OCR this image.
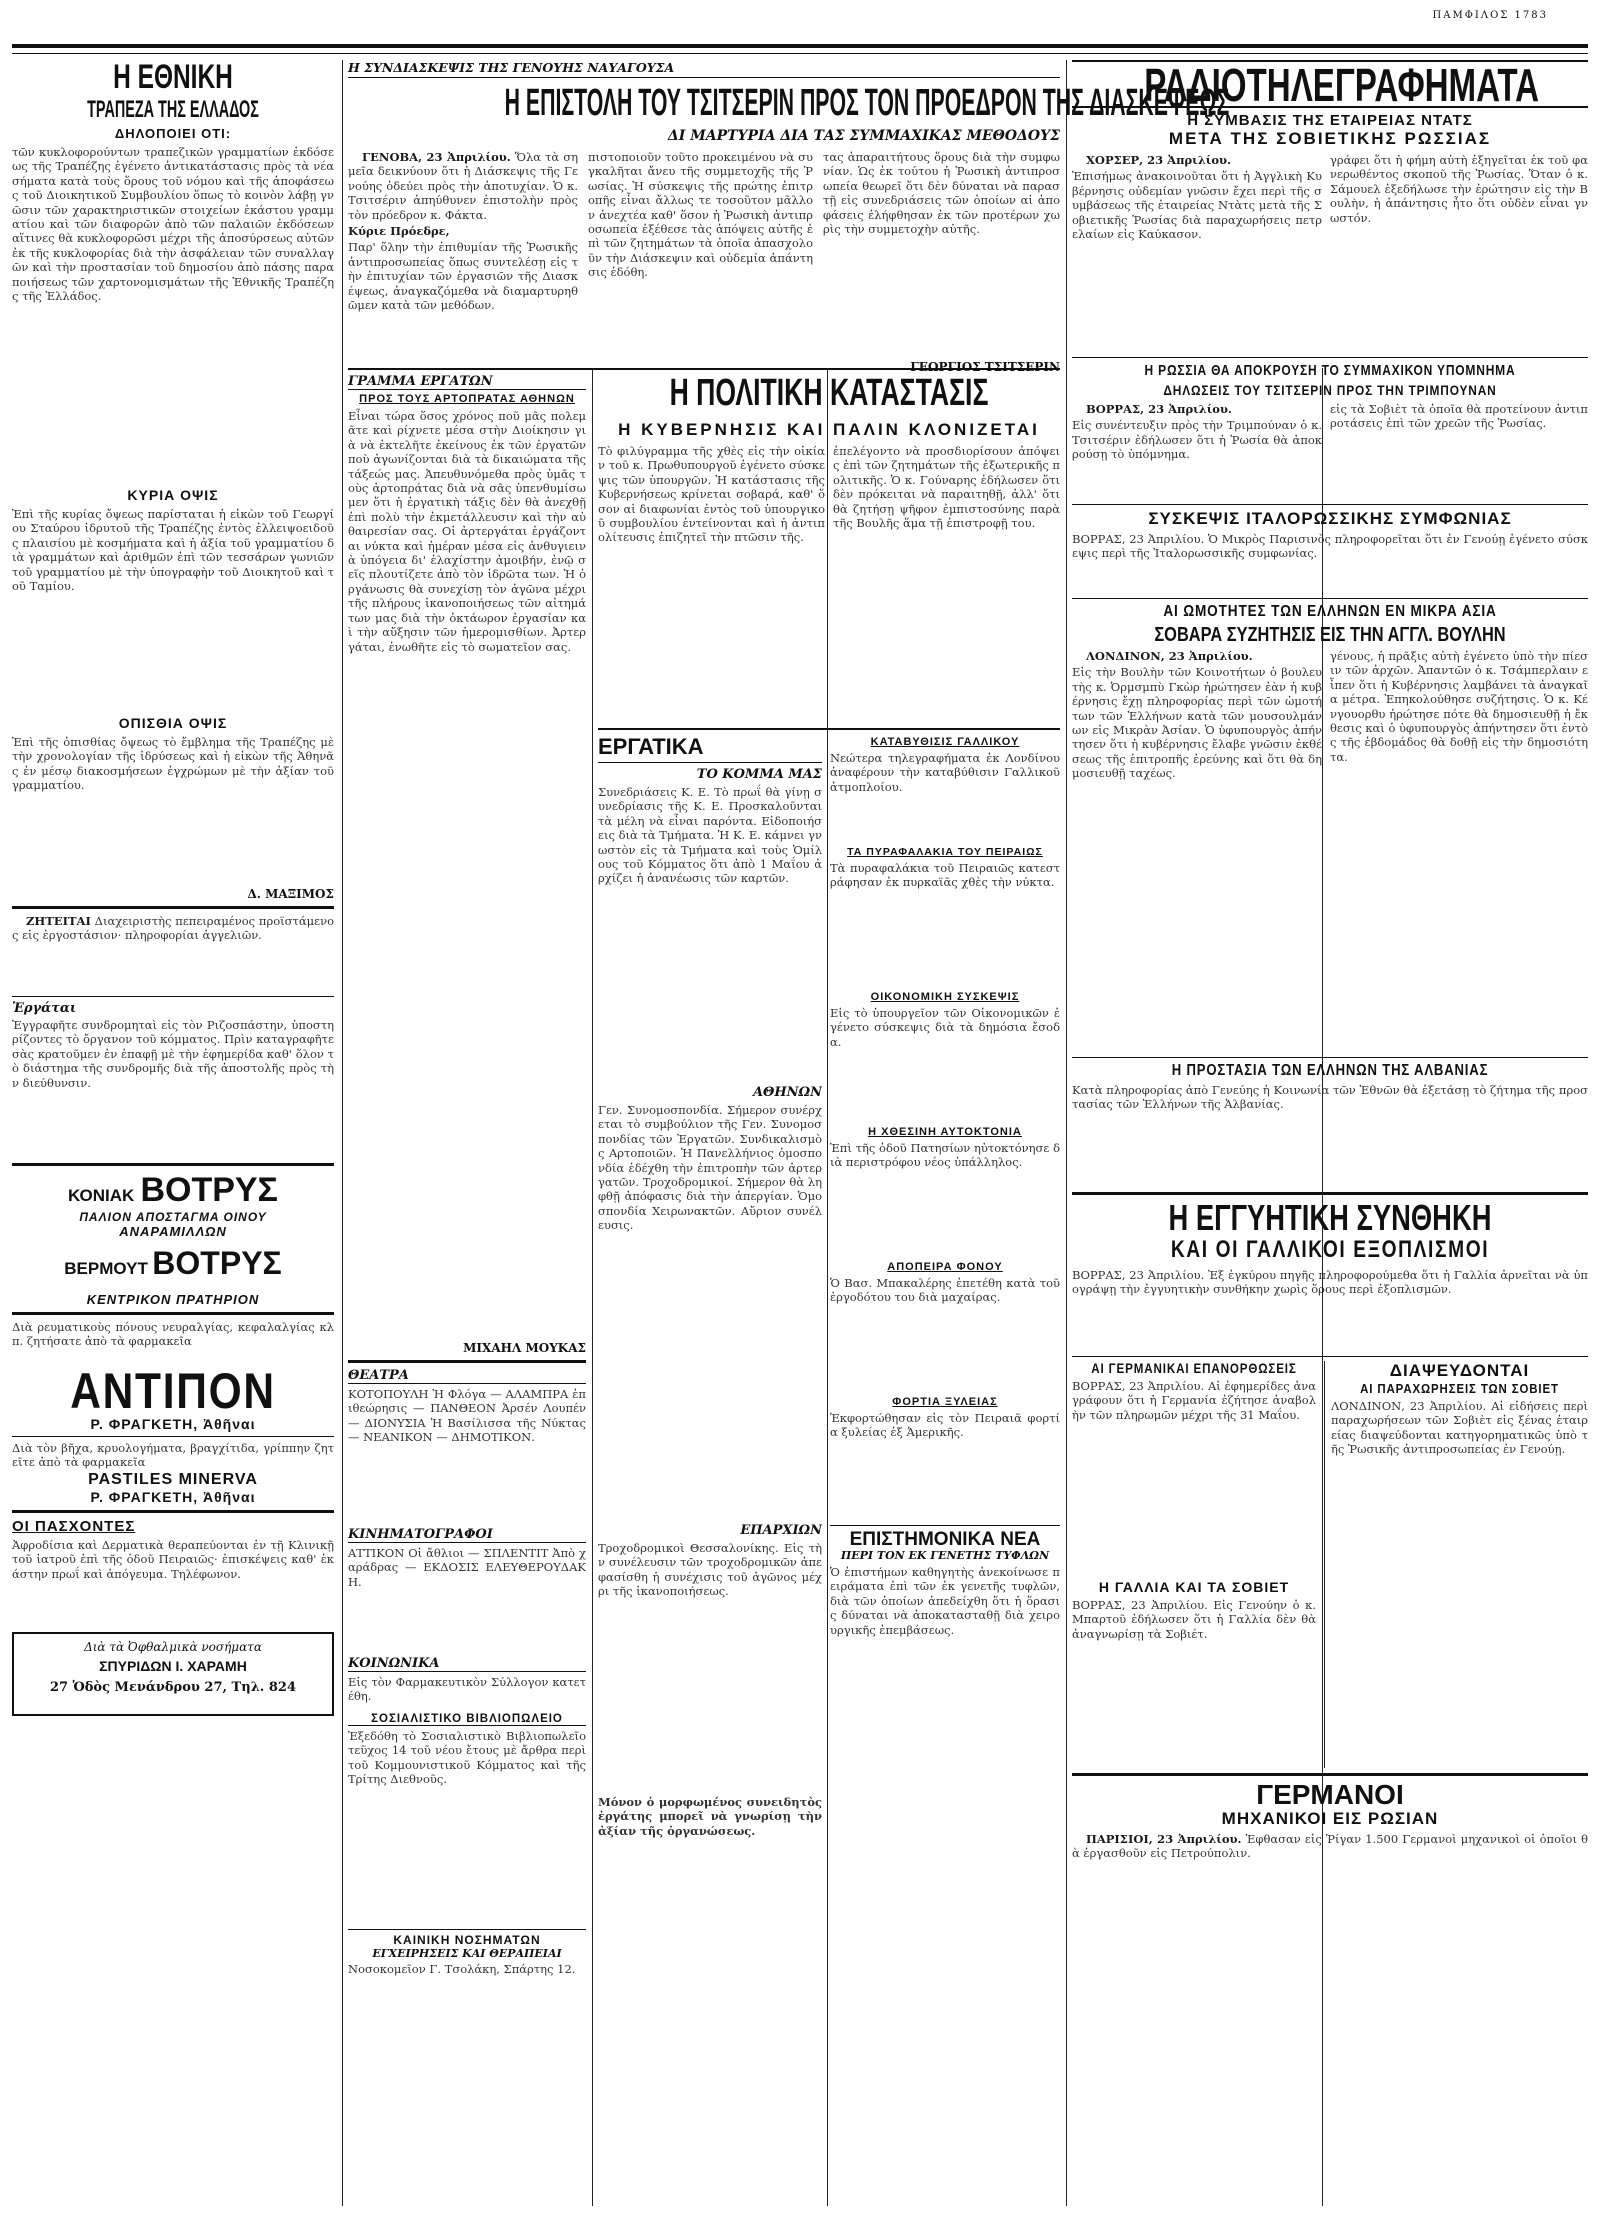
ΠΑΜΦΙΛΟΣ 1783
Η ΕΘΝΙΚΗ
ΤΡΑΠΕΖΑ ΤΗΣ ΕΛΛΑΔΟΣ
ΔΗΛΟΠΟΙΕΙ ΟΤΙ:
τῶν κυκλοφορούντων τραπεζικῶν γραμματίων ἐκδόσεως τῆς Τραπέζης ἐγένετο ἀντικατάστασις πρὸς τὰ νέα σήματα κατὰ τοὺς ὅρους τοῦ νόμου καὶ τῆς ἀποφάσεως τοῦ Διοικητικοῦ Συμβουλίου ὅπως τὸ κοινὸν λάβῃ γνῶσιν τῶν χαρακτηριστικῶν στοιχείων ἑκάστου γραμματίου καὶ τῶν διαφορῶν ἀπὸ τῶν παλαιῶν ἐκδόσεων αἵτινες θὰ κυκλοφορῶσι μέχρι τῆς ἀποσύρσεως αὐτῶν ἐκ τῆς κυκλοφορίας διὰ τὴν ἀσφάλειαν τῶν συναλλαγῶν καὶ τὴν προστασίαν τοῦ δημοσίου ἀπὸ πάσης παραποιήσεως τῶν χαρτονομισμάτων τῆς Ἐθνικῆς Τραπέζης τῆς Ἑλλάδος.
ΚΥΡΙΑ ΟΨΙΣ
Ἐπὶ τῆς κυρίας ὄψεως παρίσταται ἡ εἰκὼν τοῦ Γεωργίου Σταύρου ἱδρυτοῦ τῆς Τραπέζης ἐντὸς ἐλλειψοειδοῦς πλαισίου μὲ κοσμήματα καὶ ἡ ἀξία τοῦ γραμματίου διὰ γραμμάτων καὶ ἀριθμῶν ἐπὶ τῶν τεσσάρων γωνιῶν τοῦ γραμματίου μὲ τὴν ὑπογραφὴν τοῦ Διοικητοῦ καὶ τοῦ Ταμίου.
ΟΠΙΣΘΙΑ ΟΨΙΣ
Ἐπὶ τῆς ὀπισθίας ὄψεως τὸ ἔμβλημα τῆς Τραπέζης μὲ τὴν χρονολογίαν τῆς ἱδρύσεως καὶ ἡ εἰκὼν τῆς Ἀθηνᾶς ἐν μέσῳ διακοσμήσεων ἐγχρώμων μὲ τὴν ἀξίαν τοῦ γραμματίου.
Δ. ΜΑΞΙΜΟΣ

ΖΗΤΕΙΤΑΙ Διαχειριστὴς πεπειραμένος προϊστάμενος εἰς ἐργοστάσιον· πληροφορίαι ἀγγελιῶν.

Ἐργάται
Ἐγγραφῆτε συνδρομηταὶ εἰς τὸν Ριζοσπάστην, ὑποστηρίζοντες τὸ ὄργανον τοῦ κόμματος. Πρὶν καταγραφῆτε σὰς κρατοῦμεν ἐν ἐπαφῇ μὲ τὴν ἐφημερίδα καθ' ὅλον τὸ διάστημα τῆς συνδρομῆς διὰ τῆς ἀποστολῆς πρὸς τὴν διεύθυνσιν.
ΚΟΝΙΑΚ ΒΟΤΡΥΣ
ΠΑΛΙΟΝ ΑΠΟΣΤΑΓΜΑ ΟΙΝΟΥ
ΑΝΑΡΑΜΙΛΛΩΝ
ΒΕΡΜΟΥΤ ΒΟΤΡΥΣ
ΚΕΝΤΡΙΚΟΝ ΠΡΑΤΗΡΙΟΝ
Διὰ ρευματικοὺς πόνους νευραλγίας, κεφαλαλγίας κλπ. ζητήσατε ἀπὸ τὰ φαρμακεῖα
ΑΝΤΙΠΟΝ
Ρ. ΦΡΑΓΚΕΤΗ, Ἀθῆναι
Διὰ τὸν βῆχα, κρυολογήματα, βραγχίτιδα, γρίππην ζητεῖτε ἀπὸ τὰ φαρμακεῖα
PASTILES MINERVA
Ρ. ΦΡΑΓΚΕΤΗ, Ἀθῆναι
ΟΙ ΠΑΣΧΟΝΤΕΣ
Ἀφροδίσια καὶ Δερματικὰ θεραπεύονται ἐν τῇ Κλινικῇ τοῦ ἰατροῦ ἐπὶ τῆς ὁδοῦ Πειραιῶς· ἐπισκέψεις καθ' ἑκάστην πρωΐ καὶ ἀπόγευμα. Τηλέφωνον.
Διὰ τὰ Ὀφθαλμικὰ νοσήματα
ΣΠΥΡΙΔΩΝ Ι. ΧΑΡΑΜΗ
27 Ὁδὸς Μενάνδρου 27, Τηλ. 824
Η ΣΥΝΔΙΑΣΚΕΨΙΣ ΤΗΣ ΓΕΝΟΥΗΣ ΝΑΥΑΓΟΥΣΑ
Η ΕΠΙΣΤΟΛΗ ΤΟΥ ΤΣΙΤΣΕΡΙΝ ΠΡΟΣ ΤΟΝ ΠΡΟΕΔΡΟΝ ΤΗΣ ΔΙΑΣΚΕΨΕΩΣ
ΔΙ ΜΑΡΤΥΡΙΑ ΔΙΑ ΤΑΣ ΣΥΜΜΑΧΙΚΑΣ ΜΕΘΟΔΟΥΣ

ΓΕΝΟΒΑ, 23 Ἀπριλίου. Ὅλα τὰ σημεῖα δεικνύουν ὅτι ἡ Διάσκεψις τῆς Γενούης ὁδεύει πρὸς τὴν ἀποτυχίαν. Ὁ κ. Τσιτσέριν ἀπηύθυνεν ἐπιστολὴν πρὸς τὸν πρόεδρον κ. Φάκτα.

Κύριε Πρόεδρε,

Παρ' ὅλην τὴν ἐπιθυμίαν τῆς Ῥωσικῆς ἀντιπροσωπείας ὅπως συντελέσῃ εἰς τὴν ἐπιτυχίαν τῶν ἐργασιῶν τῆς Διασκέψεως, ἀναγκαζόμεθα νὰ διαμαρτυρηθῶμεν κατὰ τῶν μεθόδων.
πιστοποιοῦν τοῦτο προκειμένου νὰ συγκαλῆται ἄνευ τῆς συμμετοχῆς τῆς Ῥωσίας. Ἡ σύσκεψις τῆς πρώτης ἐπιτροπῆς εἶναι ἄλλως τε τοσοῦτον μᾶλλον ἀνεχτέα καθ' ὅσον ἡ Ῥωσικὴ ἀντιπροσωπεία ἐξέθεσε τὰς ἀπόψεις αὐτῆς ἐπὶ τῶν ζητημάτων τὰ ὁποῖα ἀπασχολοῦν τὴν Διάσκεψιν καὶ οὐδεμία ἀπάντησις ἐδόθη.
τας ἀπαραιτήτους ὅρους διὰ τὴν συμφωνίαν. Ὡς ἐκ τούτου ἡ Ῥωσικὴ ἀντιπροσωπεία θεωρεῖ ὅτι δὲν δύναται νὰ παραστῇ εἰς συνεδριάσεις τῶν ὁποίων αἱ ἀποφάσεις ἐλήφθησαν ἐκ τῶν προτέρων χωρὶς τὴν συμμετοχὴν αὐτῆς.
ΓΕΩΡΓΙΟΣ ΤΣΙΤΣΕΡΙΝ
ΓΡΑΜΜΑ ΕΡΓΑΤΩΝ
ΠΡΟΣ ΤΟΥΣ ΑΡΤΟΠΡΑΤΑΣ ΑΘΗΝΩΝ
Εἶναι τώρα ὅσος χρόνος ποῦ μᾶς πολεμᾶτε καὶ ρίχνετε μέσα στὴν Διοίκησιν γιὰ νὰ ἐκτελῆτε ἐκείνους ἐκ τῶν ἐργατῶν ποὺ ἀγωνίζονται διὰ τὰ δικαιώματα τῆς τάξεώς μας. Ἀπευθυνόμεθα πρὸς ὑμᾶς τοὺς ἀρτοπράτας διὰ νὰ σᾶς ὑπενθυμίσωμεν ὅτι ἡ ἐργατικὴ τάξις δὲν θὰ ἀνεχθῇ ἐπὶ πολὺ τὴν ἐκμετάλλευσιν καὶ τὴν αὐθαιρεσίαν σας. Οἱ ἀρτεργάται ἐργάζονται νύκτα καὶ ἡμέραν μέσα εἰς ἀνθυγιεινὰ ὑπόγεια δι' ἐλαχίστην ἀμοιβήν, ἐνῷ σεῖς πλουτίζετε ἀπὸ τὸν ἱδρῶτα των. Ἡ ὀργάνωσις θὰ συνεχίσῃ τὸν ἀγῶνα μέχρι τῆς πλήρους ἱκανοποιήσεως τῶν αἰτημάτων μας διὰ τὴν ὀκτάωρον ἐργασίαν καὶ τὴν αὔξησιν τῶν ἡμερομισθίων. Ἀρτεργάται, ἑνωθῆτε εἰς τὸ σωματεῖον σας.
ΜΙΧΑΗΛ ΜΟΥΚΑΣ
ΘΕΑΤΡΑ
ΚΟΤΟΠΟΥΛΗ Ἡ Φλόγα — ΑΛΑΜΠΡΑ ἐπιθεώρησις — ΠΑΝΘΕΟΝ Ἀρσέν Λουπέν — ΔΙΟΝΥΣΙΑ Ἡ Βασίλισσα τῆς Νύκτας — ΝΕΑΝΙΚΟΝ — ΔΗΜΟΤΙΚΟΝ.
ΚΙΝΗΜΑΤΟΓΡΑΦΟΙ
ΑΤΤΙΚΟΝ Οἱ ἄθλιοι — ΣΠΛΕΝΤΙΤ Ἀπὸ χαράδρας — ΕΚΔΟΣΙΣ ΕΛΕΥΘΕΡΟΥΔΑΚΗ.
ΚΟΙΝΩΝΙΚΑ
Εἰς τὸν Φαρμακευτικὸν Σύλλογον κατετέθη.
ΣΟΣΙΑΛΙΣΤΙΚΟ ΒΙΒΛΙΟΠΩΛΕΙΟ
Ἐξεδόθη τὸ Σοσιαλιστικὸ Βιβλιοπωλεῖο τεῦχος 14 τοῦ νέου ἔτους μὲ ἄρθρα περὶ τοῦ Κομμουνιστικοῦ Κόμματος καὶ τῆς Τρίτης Διεθνοῦς.
ΚΑΙΝΙΚΗ ΝΟΣΗΜΑΤΩΝ
ΕΓΧΕΙΡΗΣΕΙΣ ΚΑΙ ΘΕΡΑΠΕΙΑΙ
Νοσοκομεῖον Γ. Τσολάκη, Σπάρτης 12.
Η ΠΟΛΙΤΙΚΗ ΚΑΤΑΣΤΑΣΙΣ
Η ΚΥΒΕΡΝΗΣΙΣ ΚΑΙ ΠΑΛΙΝ ΚΛΟΝΙΖΕΤΑΙ
Τὸ φιλύγραμμα τῆς χθὲς εἰς τὴν οἰκίαν τοῦ κ. Πρωθυπουργοῦ ἐγένετο σύσκεψις τῶν ὑπουργῶν. Ἡ κατάστασις τῆς Κυβερνήσεως κρίνεται σοβαρά, καθ' ὅσον αἱ διαφωνίαι ἐντὸς τοῦ ὑπουργικοῦ συμβουλίου ἐντείνονται καὶ ἡ ἀντιπολίτευσις ἐπιζητεῖ τὴν πτῶσιν τῆς.
ἐπελέγοντο νὰ προσδιορίσουν ἀπόψεις ἐπὶ τῶν ζητημάτων τῆς ἐξωτερικῆς πολιτικῆς. Ὁ κ. Γούναρης ἐδήλωσεν ὅτι δὲν πρόκειται νὰ παραιτηθῇ, ἀλλ' ὅτι θὰ ζητήσῃ ψῆφον ἐμπιστοσύνης παρὰ τῆς Βουλῆς ἅμα τῇ ἐπιστροφῇ του.
ΕΡΓΑΤΙΚΑ
ΤΟ ΚΟΜΜΑ ΜΑΣ
Συνεδριάσεις Κ. Ε. Τὸ πρωΐ θὰ γίνῃ συνεδρίασις τῆς Κ. Ε. Προσκαλοῦνται τὰ μέλη νὰ εἶναι παρόντα. Εἰδοποιήσεις διὰ τὰ Τμήματα. Ἡ Κ. Ε. κάμνει γνωστὸν εἰς τὰ Τμήματα καὶ τοὺς Ὁμίλους τοῦ Κόμματος ὅτι ἀπὸ 1 Μαΐου ἀρχίζει ἡ ἀνανέωσις τῶν καρτῶν.
ΑΘΗΝΩΝ
Γεν. Συνομοσπονδία. Σήμερον συνέρχεται τὸ συμβούλιον τῆς Γεν. Συνομοσπονδίας τῶν Ἐργατῶν. Συνδικαλισμὸς Αρτοποιῶν. Ἡ Πανελλήνιος ὁμοσπονδία ἐδέχθη τὴν ἐπιτροπὴν τῶν ἀρτεργατῶν. Τροχοδρομικοί. Σήμερον θὰ ληφθῇ ἀπόφασις διὰ τὴν ἀπεργίαν. Ὁμοσπονδία Χειρωνακτῶν. Αὔριον συνέλευσις.
ΕΠΑΡΧΙΩΝ
Τροχοδρομικοὶ Θεσσαλονίκης. Εἰς τὴν συνέλευσιν τῶν τροχοδρομικῶν ἀπεφασίσθη ἡ συνέχισις τοῦ ἀγῶνος μέχρι τῆς ἱκανοποιήσεως.
Μόνον ὁ μορφωμένος συνειδητὸς ἐργάτης μπορεῖ νὰ γνωρίσῃ τὴν ἀξίαν τῆς ὀργανώσεως.
ΚΑΤΑΒΥΘΙΣΙΣ ΓΑΛΛΙΚΟΥ
Νεώτερα τηλεγραφήματα ἐκ Λονδίνου ἀναφέρουν τὴν καταβύθισιν Γαλλικοῦ ἀτμοπλοίου.
ΤΑ ΠΥΡΑΦΑΛΑΚΙΑ ΤΟΥ ΠΕΙΡΑΙΩΣ
Τὰ πυραφαλάκια τοῦ Πειραιῶς κατεστράφησαν ἐκ πυρκαϊᾶς χθὲς τὴν νύκτα.
ΟΙΚΟΝΟΜΙΚΗ ΣΥΣΚΕΨΙΣ
Εἰς τὸ ὑπουργεῖον τῶν Οἰκονομικῶν ἐγένετο σύσκεψις διὰ τὰ δημόσια ἔσοδα.
Η ΧΘΕΣΙΝΗ ΑΥΤΟΚΤΟΝΙΑ
Ἐπὶ τῆς ὁδοῦ Πατησίων ηὐτοκτόνησε διὰ περιστρόφου νέος ὑπάλληλος.
ΑΠΟΠΕΙΡΑ ΦΟΝΟΥ
Ὁ Βασ. Μπακαλέρης ἐπετέθη κατὰ τοῦ ἐργοδότου του διὰ μαχαίρας.
ΦΟΡΤΙΑ ΞΥΛΕΙΑΣ
Ἐκφορτώθησαν εἰς τὸν Πειραιᾶ φορτία ξυλείας ἐξ Ἀμερικῆς.
ΕΠΙΣΤΗΜΟΝΙΚΑ ΝΕΑ
ΠΕΡΙ ΤΟΝ ΕΚ ΓΕΝΕΤΗΣ ΤΥΦΛΩΝ
Ὁ ἐπιστήμων καθηγητὴς ἀνεκοίνωσε πειράματα ἐπὶ τῶν ἐκ γενετῆς τυφλῶν, διὰ τῶν ὁποίων ἀπεδείχθη ὅτι ἡ ὅρασις δύναται νὰ ἀποκατασταθῇ διὰ χειρουργικῆς ἐπεμβάσεως.
ΡΑΔΙΟΤΗΛΕΓΡΑΦΗΜΑΤΑ
Η ΣΥΜΒΑΣΙΣ ΤΗΣ ΕΤΑΙΡΕΙΑΣ ΝΤΑΤΣ
ΜΕΤΑ ΤΗΣ ΣΟΒΙΕΤΙΚΗΣ ΡΩΣΣΙΑΣ

ΧΟΡΣΕΡ, 23 Ἀπριλίου.

Ἐπισήμως ἀνακοινοῦται ὅτι ἡ Ἀγγλικὴ Κυβέρνησις οὐδεμίαν γνῶσιν ἔχει περὶ τῆς συμβάσεως τῆς ἑταιρείας Ντὰτς μετὰ τῆς Σοβιετικῆς Ῥωσίας διὰ παραχωρήσεις πετρελαίων εἰς Καύκασον.
γράφει ὅτι ἡ φήμη αὐτὴ ἐξηγεῖται ἐκ τοῦ φανερωθέντος σκοποῦ τῆς Ῥωσίας. Ὅταν ὁ κ. Σάμουελ ἐξεδήλωσε τὴν ἐρώτησιν εἰς τὴν Βουλὴν, ἡ ἀπάντησις ἦτο ὅτι οὐδὲν εἶναι γνωστόν.
Η ΡΩΣΣΙΑ ΘΑ ΑΠΟΚΡΟΥΣΗ ΤΟ ΣΥΜΜΑΧΙΚΟΝ ΥΠΟΜΝΗΜΑ
ΔΗΛΩΣΕΙΣ ΤΟΥ ΤΣΙΤΣΕΡΙΝ ΠΡΟΣ ΤΗΝ ΤΡΙΜΠΟΥΝΑΝ

ΒΟΡΡΑΣ, 23 Ἀπριλίου.

Εἰς συνέντευξιν πρὸς τὴν Τριμπούναν ὁ κ. Τσιτσέριν ἐδήλωσεν ὅτι ἡ Ῥωσία θὰ ἀποκρούσῃ τὸ ὑπόμνημα.
εἰς τὰ Σοβιὲτ τὰ ὁποῖα θὰ προτείνουν ἀντιπροτάσεις ἐπὶ τῶν χρεῶν τῆς Ῥωσίας.
ΣΥΣΚΕΨΙΣ ΙΤΑΛΟΡΩΣΣΙΚΗΣ ΣΥΜΦΩΝΙΑΣ
ΒΟΡΡΑΣ, 23 Ἀπριλίου. Ὁ Μικρὸς Παρισινὸς πληροφορεῖται ὅτι ἐν Γενούῃ ἐγένετο σύσκεψις περὶ τῆς Ἰταλορωσσικῆς συμφωνίας.
ΑΙ ΩΜΟΤΗΤΕΣ ΤΩΝ ΕΛΛΗΝΩΝ ΕΝ ΜΙΚΡΑ ΑΣΙΑ
ΣΟΒΑΡΑ ΣΥΖΗΤΗΣΙΣ ΕΙΣ ΤΗΝ ΑΓΓΛ. ΒΟΥΛΗΝ

ΛΟΝΔΙΝΟΝ, 23 Ἀπριλίου.

Εἰς τὴν Βουλὴν τῶν Κοινοτήτων ὁ βουλευτὴς κ. Ὀρμσμπὺ Γκὼρ ἠρώτησεν ἐὰν ἡ κυβέρνησις ἔχῃ πληροφορίας περὶ τῶν ὠμοτήτων τῶν Ἑλλήνων κατὰ τῶν μουσουλμάνων εἰς Μικρὰν Ἀσίαν. Ὁ ὑφυπουργὸς ἀπήντησεν ὅτι ἡ κυβέρνησις ἔλαβε γνῶσιν ἐκθέσεως τῆς ἐπιτροπῆς ἐρεύνης καὶ ὅτι θὰ δημοσιευθῇ ταχέως.
γένους, ἡ πρᾶξις αὐτὴ ἐγένετο ὑπὸ τὴν πίεσιν τῶν ἀρχῶν. Ἀπαντῶν ὁ κ. Τσάμπερλαιν εἶπεν ὅτι ἡ Κυβέρνησις λαμβάνει τὰ ἀναγκαῖα μέτρα. Ἐπηκολούθησε συζήτησις. Ὁ κ. Κένγουορθυ ἠρώτησε πότε θὰ δημοσιευθῇ ἡ ἔκθεσις καὶ ὁ ὑφυπουργὸς ἀπήντησεν ὅτι ἐντὸς τῆς ἑβδομάδος θὰ δοθῇ εἰς τὴν δημοσιότητα.
Η ΠΡΟΣΤΑΣΙΑ ΤΩΝ ΕΛΛΗΝΩΝ ΤΗΣ ΑΛΒΑΝΙΑΣ
Κατὰ πληροφορίας ἀπὸ Γενεύης ἡ Κοινωνία τῶν Ἐθνῶν θὰ ἐξετάσῃ τὸ ζήτημα τῆς προστασίας τῶν Ἑλλήνων τῆς Ἀλβανίας.
Η ΕΓΓΥΗΤΙΚΗ ΣΥΝΘΗΚΗ
ΚΑΙ ΟΙ ΓΑΛΛΙΚΟΙ ΕΞΟΠΛΙΣΜΟΙ
ΒΟΡΡΑΣ, 23 Ἀπριλίου. Ἐξ ἐγκύρου πηγῆς πληροφορούμεθα ὅτι ἡ Γαλλία ἀρνεῖται νὰ ὑπογράψῃ τὴν ἐγγυητικὴν συνθήκην χωρὶς ὅρους περὶ ἐξοπλισμῶν.
ΑΙ ΓΕΡΜΑΝΙΚΑΙ ΕΠΑΝΟΡΘΩΣΕΙΣ
ΒΟΡΡΑΣ, 23 Ἀπριλίου. Αἱ ἐφημερίδες ἀναγράφουν ὅτι ἡ Γερμανία ἐζήτησε ἀναβολὴν τῶν πληρωμῶν μέχρι τῆς 31 Μαΐου.
Η ΓΑΛΛΙΑ ΚΑΙ ΤΑ ΣΟΒΙΕΤ
ΒΟΡΡΑΣ, 23 Ἀπριλίου. Εἰς Γενούην ὁ κ. Μπαρτοῦ ἐδήλωσεν ὅτι ἡ Γαλλία δὲν θὰ ἀναγνωρίσῃ τὰ Σοβιέτ.
ΔΙΑΨΕΥΔΟΝΤΑΙ
ΑΙ ΠΑΡΑΧΩΡΗΣΕΙΣ ΤΩΝ ΣΟΒΙΕΤ
ΛΟΝΔΙΝΟΝ, 23 Ἀπριλίου. Αἱ εἰδήσεις περὶ παραχωρήσεων τῶν Σοβιὲτ εἰς ξένας ἑταιρείας διαψεύδονται κατηγορηματικῶς ὑπὸ τῆς Ῥωσικῆς ἀντιπροσωπείας ἐν Γενούῃ.
ΓΕΡΜΑΝΟΙ
ΜΗΧΑΝΙΚΟΙ ΕΙΣ ΡΩΣΙΑΝ

ΠΑΡΙΣΙΟΙ, 23 Ἀπριλίου. Ἐφθασαν εἰς Ῥίγαν 1.500 Γερμανοὶ μηχανικοὶ οἱ ὁποῖοι θὰ ἐργασθοῦν εἰς Πετρούπολιν.
